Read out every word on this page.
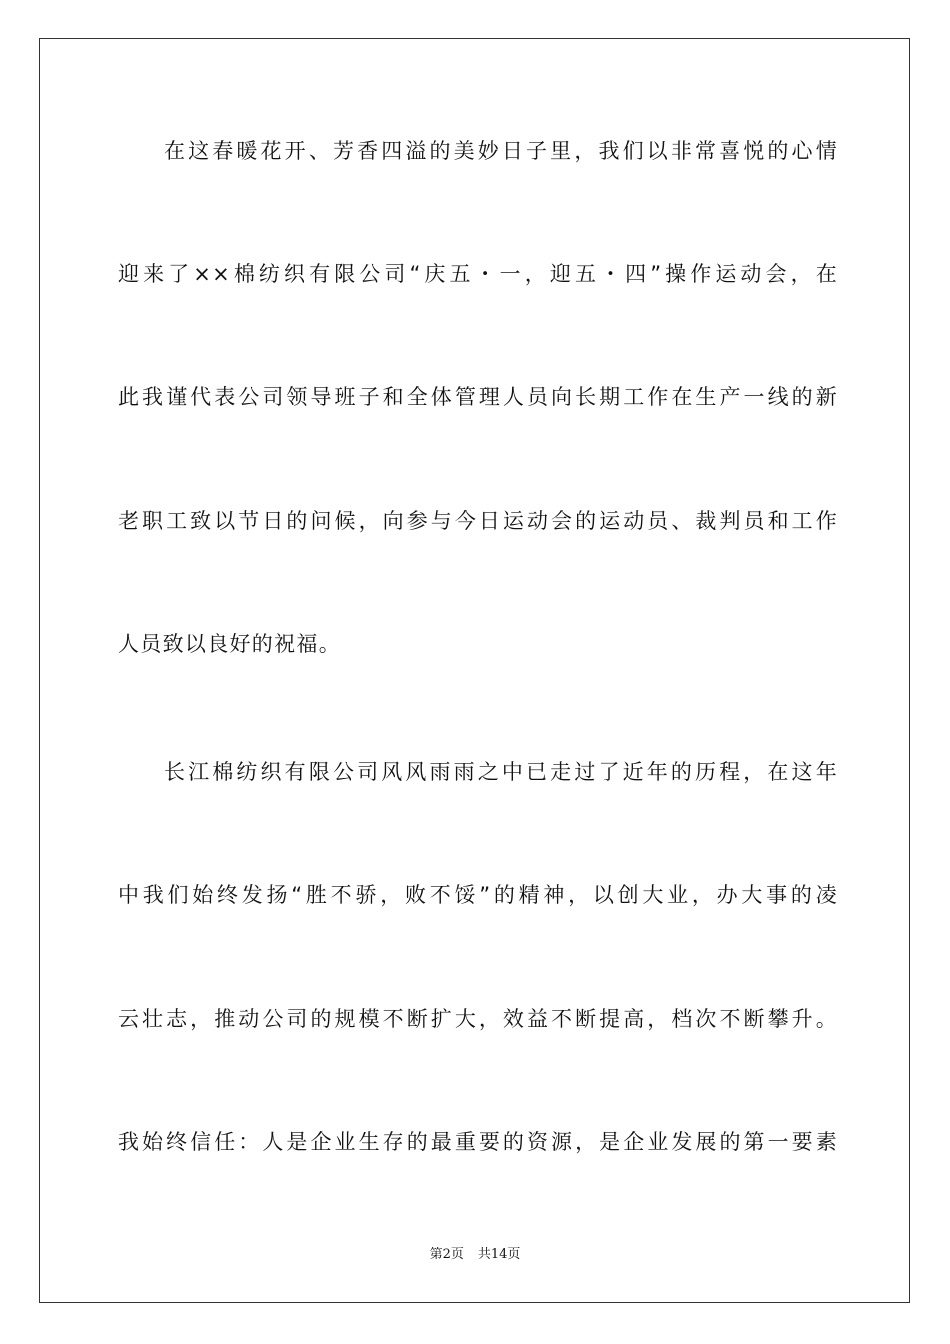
在这春暖花开、芳香四溢的美妙日子里，我们以非常喜悦的心情
迎来了××棉纺织有限公司“庆五・一，迎五・四”操作运动会，在
此我谨代表公司领导班子和全体管理人员向长期工作在生产一线的新
老职工致以节日的问候，向参与今日运动会的运动员、裁判员和工作
人员致以良好的祝福。
长江棉纺织有限公司风风雨雨之中已走过了近年的历程，在这年
中我们始终发扬“胜不骄，败不馁”的精神，以创大业，办大事的凌
云壮志，推动公司的规模不断扩大，效益不断提高，档次不断攀升。
我始终信任：人是企业生存的最重要的资源，是企业发展的第一要素
第2页 共14页
